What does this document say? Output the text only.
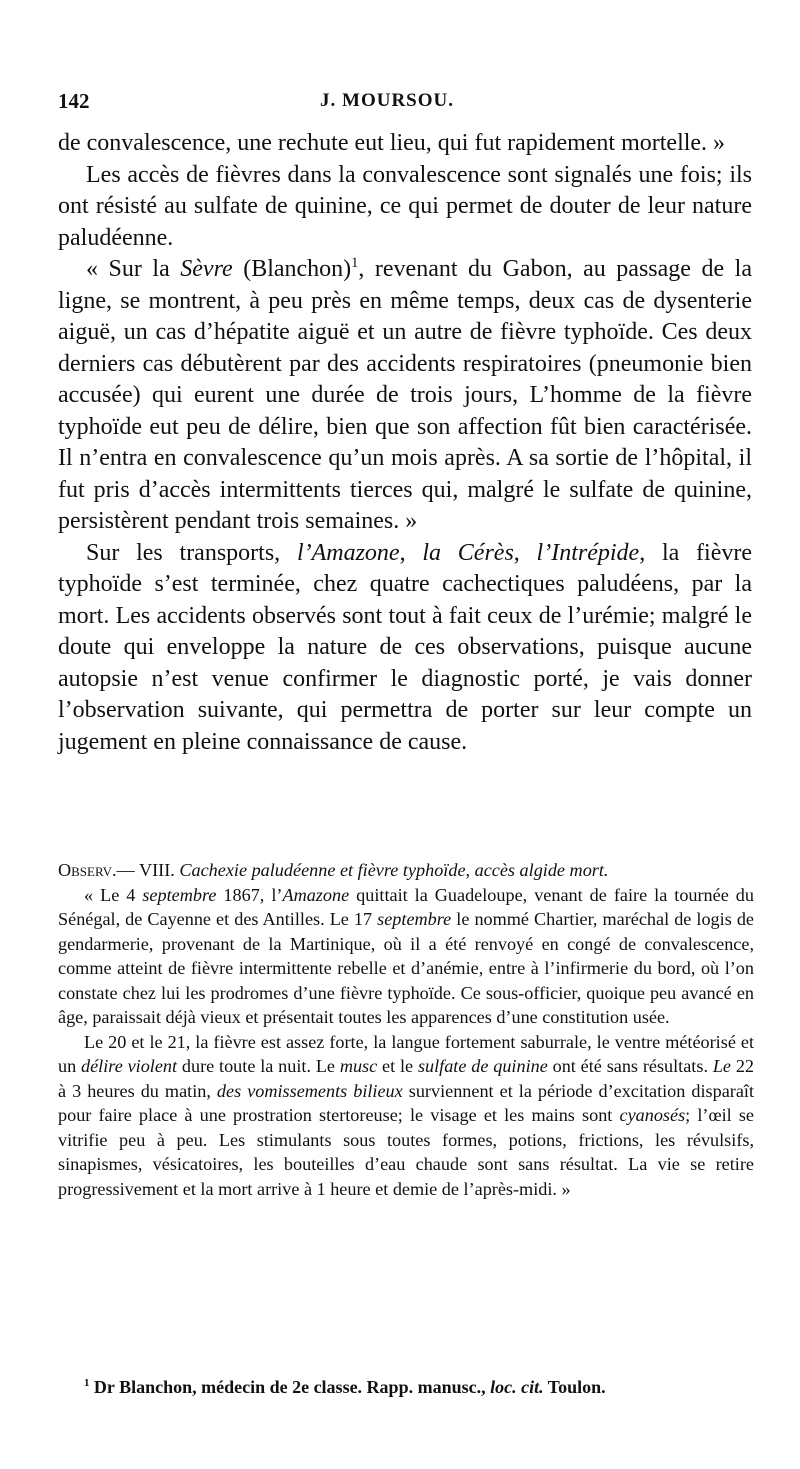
142	J. MOURSOU.

de convalescence, une rechute eut lieu, qui fut rapidement mortelle. »

Les accès de fièvres dans la convalescence sont signalés une fois; ils ont résisté au sulfate de quinine, ce qui permet de douter de leur nature paludéenne.

« Sur la Sèvre (Blanchon)$^1$, revenant du Gabon, au passage de la ligne, se montrent, à peu près en même temps, deux cas de dysenterie aiguë, un cas d’hépatite aiguë et un autre de fièvre typhoïde. Ces deux derniers cas débutèrent par des accidents respiratoires (pneumonie bien accusée) qui eurent une durée de trois jours, L’homme de la fièvre typhoïde eut peu de délire, bien que son affection fût bien caractérisée. Il n’entra en convalescence qu’un mois après. A sa sortie de l’hôpital, il fut pris d’accès intermittents tierces qui, malgré le sulfate de quinine, persistèrent pendant trois semaines. »

Sur les transports, l’Amazone, la Cérès, l’Intrépide, la fièvre typhoïde s’est terminée, chez quatre cachectiques paludéens, par la mort. Les accidents observés sont tout à fait ceux de l’urémie; malgré le doute qui enveloppe la nature de ces observations, puisque aucune autopsie n’est venue confirmer le diagnostic porté, je vais donner l’observation suivante, qui permettra de porter sur leur compte un jugement en pleine connaissance de cause.

Observ.— VIII. Cachexie paludéenne et fièvre typhoïde, accès algide mort.

« Le 4 septembre 1867, l’Amazone quittait la Guadeloupe, venant de faire la tournée du Sénégal, de Cayenne et des Antilles. Le 17 septembre le nommé Chartier, maréchal de logis de gendarmerie, provenant de la Martinique, où il a été renvoyé en congé de convalescence, comme atteint de fièvre intermittente rebelle et d’anémie, entre à l’infirmerie du bord, où l’on constate chez lui les prodromes d’une fièvre typhoïde. Ce sous-officier, quoique peu avancé en âge, paraissait déjà vieux et présentait toutes les apparences d’une constitution usée.

Le 20 et le 21, la fièvre est assez forte, la langue fortement saburrale, le ventre météorisé et un délire violent dure toute la nuit. Le musc et le sulfate de quinine ont été sans résultats. Le 22 à 3 heures du matin, des vomissements bilieux surviennent et la période d’excitation disparaît pour faire place à une prostration stertoreuse; le visage et les mains sont cyanosés; l’œil se vitrifie peu à peu. Les stimulants sous toutes formes, potions, frictions, les révulsifs, sinapismes, vésicatoires, les bouteilles d’eau chaude sont sans résultat. La vie se retire progressivement et la mort arrive à 1 heure et demie de l’après-midi. »

$^1$ Dr Blanchon, médecin de 2e classe. Rapp. manusc., loc. cit. Toulon.
